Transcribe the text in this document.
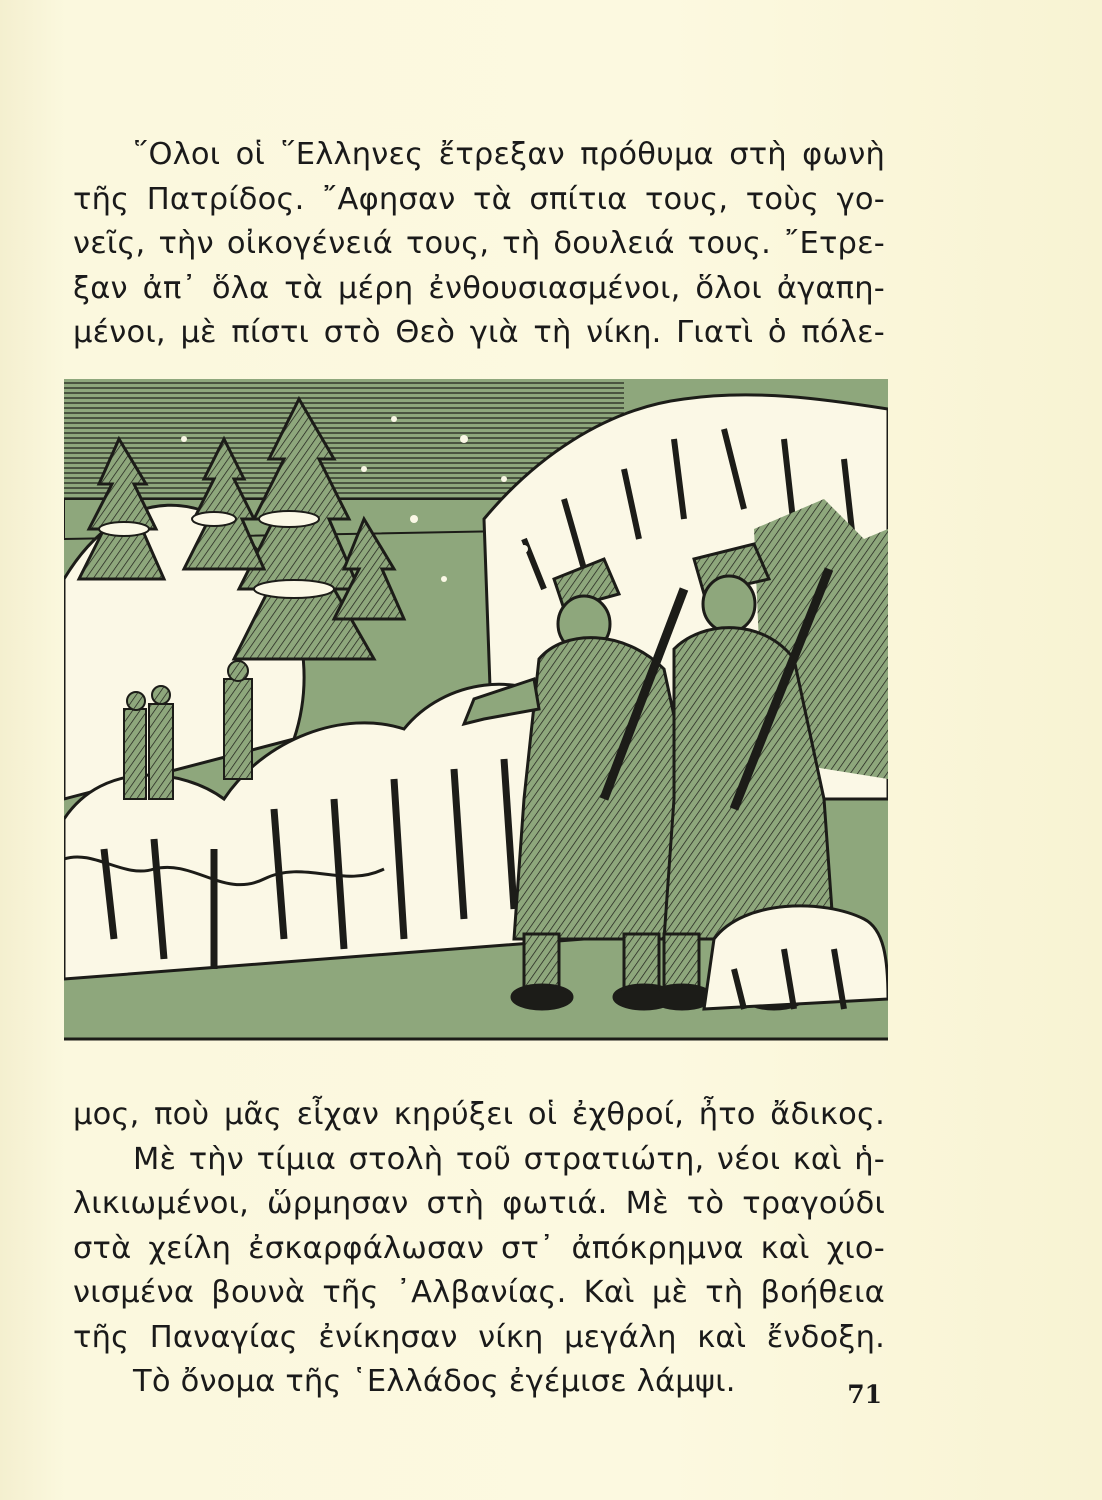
῞Ολοι οἱ ῞Ελληνες ἔτρεξαν πρόθυμα στὴ φωνὴ
τῆς Πατρίδος. ῎Αφησαν τὰ σπίτια τους, τοὺς γο-
νεῖς, τὴν οἰκογένειά τους, τὴ δουλειά τους. ῎Ετρε-
ξαν ἀπ᾿ ὅλα τὰ μέρη ἐνθουσιασμένοι, ὅλοι ἀγαπη-
μένοι, μὲ πίστι στὸ Θεὸ γιὰ τὴ νίκη. Γιατὶ ὁ πόλε-
μος, ποὺ μᾶς εἶχαν κηρύξει οἱ ἐχθροί, ἦτο ἄδικος.
Μὲ τὴν τίμια στολὴ τοῦ στρατιώτη, νέοι καὶ ἡ-
λικιωμένοι, ὥρμησαν στὴ φωτιά. Μὲ τὸ τραγούδι
στὰ χείλη ἐσκαρφάλωσαν στ᾿ ἀπόκρημνα καὶ χιο-
νισμένα βουνὰ τῆς ᾿Αλβανίας. Καὶ μὲ τὴ βοήθεια
τῆς Παναγίας ἐνίκησαν νίκη μεγάλη καὶ ἔνδοξη.
Τὸ ὄνομα τῆς ῾Ελλάδος ἐγέμισε λάμψι.	71
